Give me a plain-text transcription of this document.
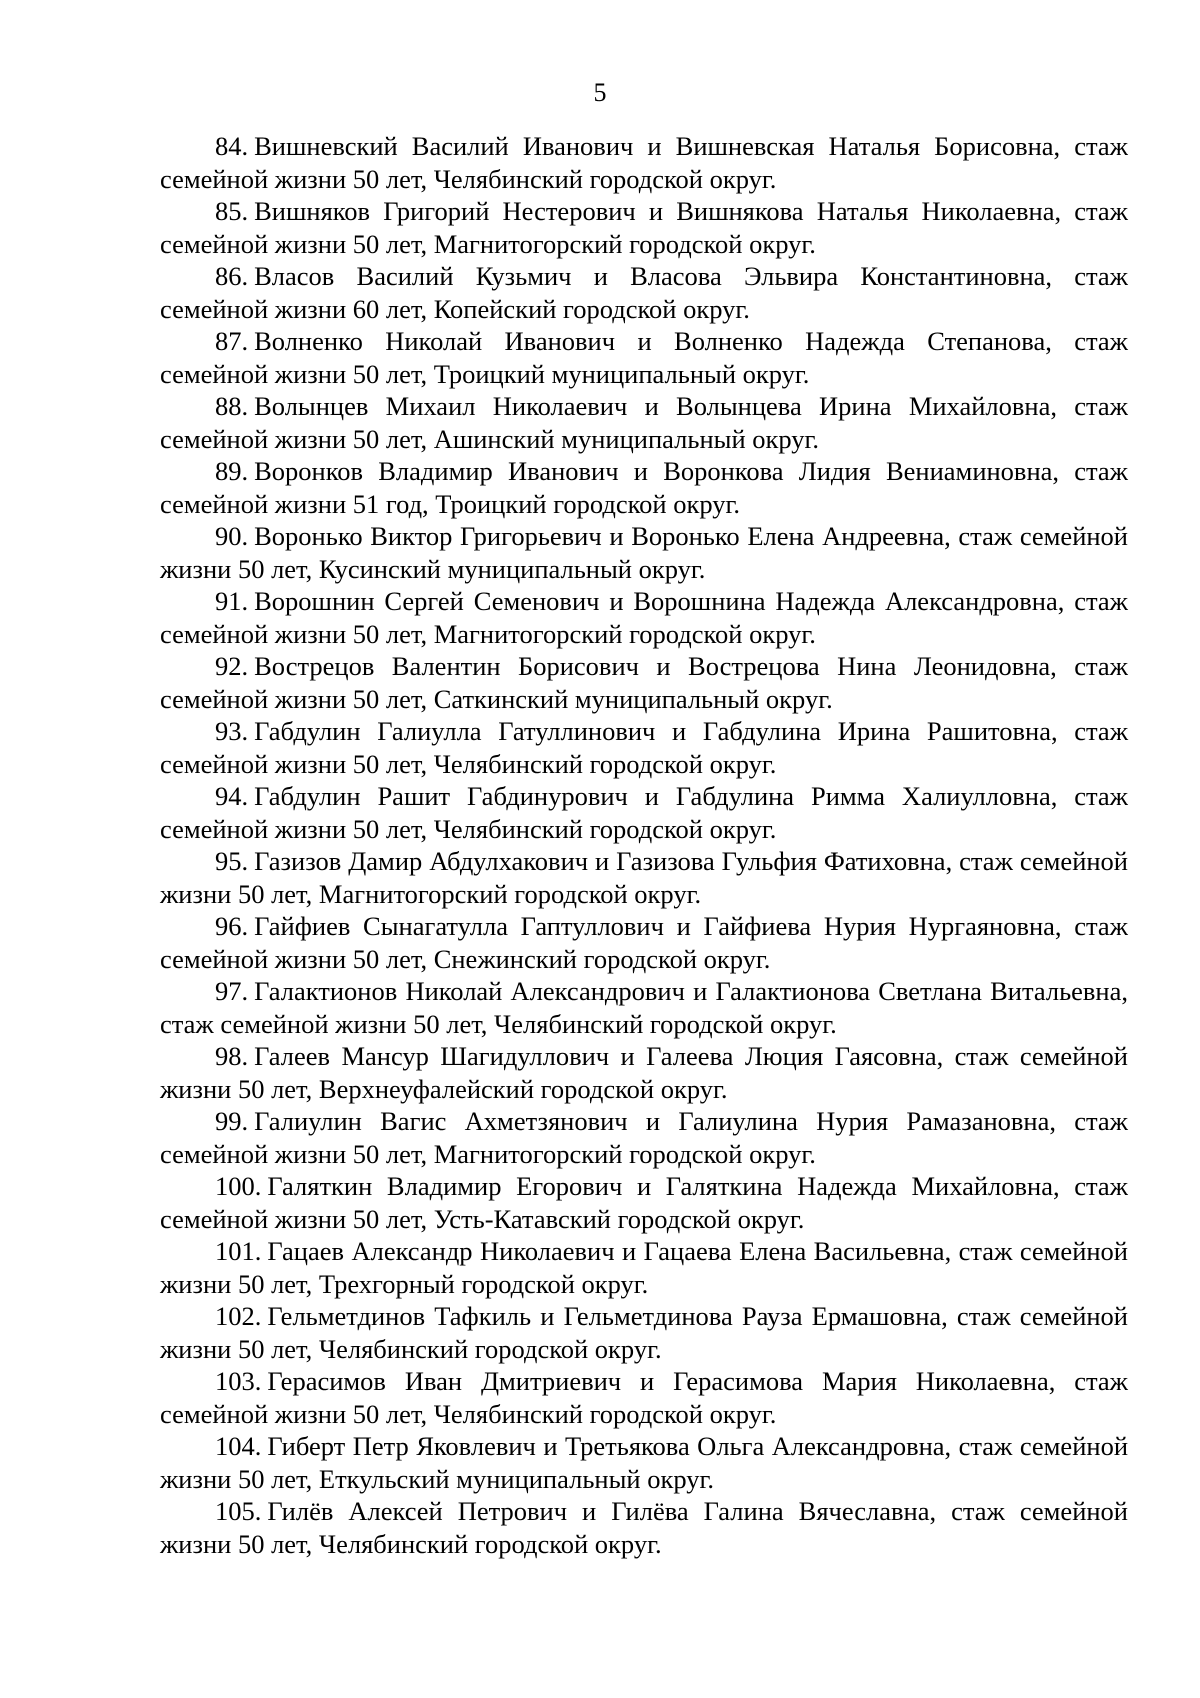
5

84. Вишневский Василий Иванович и Вишневская Наталья Борисовна, стаж семейной жизни 50 лет, Челябинский городской округ.

85. Вишняков Григорий Нестерович и Вишнякова Наталья Николаевна, стаж семейной жизни 50 лет, Магнитогорский городской округ.

86. Власов Василий Кузьмич и Власова Эльвира Константиновна, стаж семейной жизни 60 лет, Копейский городской округ.

87. Волненко Николай Иванович и Волненко Надежда Степанова, стаж семейной жизни 50 лет, Троицкий муниципальный округ.

88. Волынцев Михаил Николаевич и Волынцева Ирина Михайловна, стаж семейной жизни 50 лет, Ашинский муниципальный округ.

89. Воронков Владимир Иванович и Воронкова Лидия Вениаминовна, стаж семейной жизни 51 год, Троицкий городской округ.

90. Воронько Виктор Григорьевич и Воронько Елена Андреевна, стаж семейной жизни 50 лет, Кусинский муниципальный округ.

91. Ворошнин Сергей Семенович и Ворошнина Надежда Александровна, стаж семейной жизни 50 лет, Магнитогорский городской округ.

92. Вострецов Валентин Борисович и Вострецова Нина Леонидовна, стаж семейной жизни 50 лет, Саткинский муниципальный округ.

93. Габдулин Галиулла Гатуллинович и Габдулина Ирина Рашитовна, стаж семейной жизни 50 лет, Челябинский городской округ.

94. Габдулин Рашит Габдинурович и Габдулина Римма Халиулловна, стаж семейной жизни 50 лет, Челябинский городской округ.

95. Газизов Дамир Абдулхакович и Газизова Гульфия Фатиховна, стаж семейной жизни 50 лет, Магнитогорский городской округ.

96. Гайфиев Сынагатулла Гаптуллович и Гайфиева Нурия Нургаяновна, стаж семейной жизни 50 лет, Снежинский городской округ.

97. Галактионов Николай Александрович и Галактионова Светлана Витальевна, стаж семейной жизни 50 лет, Челябинский городской округ.

98. Галеев Мансур Шагидуллович и Галеева Люция Гаясовна, стаж семейной жизни 50 лет, Верхнеуфалейский городской округ.

99. Галиулин Вагис Ахметзянович и Галиулина Нурия Рамазановна, стаж семейной жизни 50 лет, Магнитогорский городской округ.

100. Галяткин Владимир Егорович и Галяткина Надежда Михайловна, стаж семейной жизни 50 лет, Усть-Катавский городской округ.

101. Гацаев Александр Николаевич и Гацаева Елена Васильевна, стаж семейной жизни 50 лет, Трехгорный городской округ.

102. Гельметдинов Тафкиль и Гельметдинова Рауза Ермашовна, стаж семейной жизни 50 лет, Челябинский городской округ.

103. Герасимов Иван Дмитриевич и Герасимова Мария Николаевна, стаж семейной жизни 50 лет, Челябинский городской округ.

104. Гиберт Петр Яковлевич и Третьякова Ольга Александровна, стаж семейной жизни 50 лет, Еткульский муниципальный округ.

105. Гилёв Алексей Петрович и Гилёва Галина Вячеславна, стаж семейной жизни 50 лет, Челябинский городской округ.
